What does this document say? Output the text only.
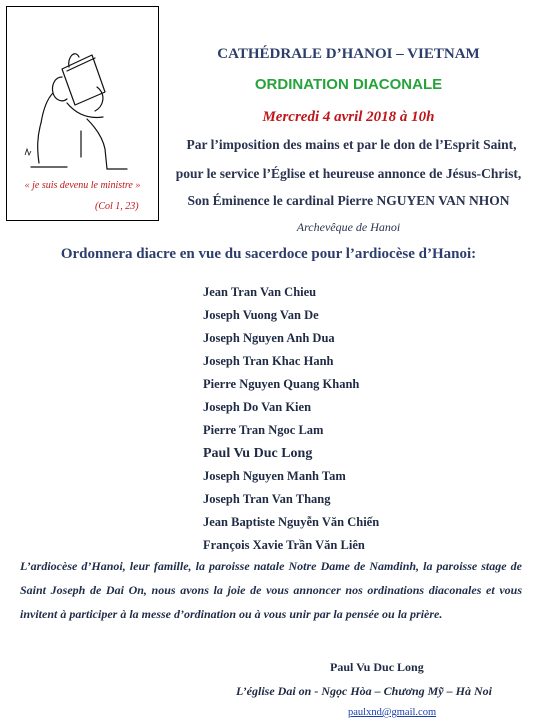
« je suis devenu le ministre »
(Col 1, 23)
CATHÉDRALE D’HANOI – VIETNAM
ORDINATION DIACONALE
Mercredi 4 avril 2018 à 10h
Par l’imposition des mains et par le don de l’Esprit Saint,
pour le service l’Église et heureuse annonce de Jésus-Christ,
Son Éminence le cardinal Pierre NGUYEN VAN NHON
Archevêque de Hanoi
Ordonnera diacre en vue du sacerdoce pour l’ardiocèse d’Hanoi:
Jean Tran Van Chieu
Joseph Vuong Van De
Joseph Nguyen Anh Dua
Joseph Tran Khac Hanh
Pierre Nguyen Quang Khanh
Joseph Do Van Kien
Pierre Tran Ngoc Lam
Paul Vu Duc Long
Joseph Nguyen Manh Tam
Joseph Tran Van Thang
Jean Baptiste Nguyễn Văn Chiến
François Xavie Trần Văn Liên

L’ardiocèse d’Hanoi, leur famille, la paroisse natale Notre Dame de Namdinh, la paroisse stage de Saint Joseph de Dai On, nous avons la joie de vous annoncer nos ordinations diaconales et vous invitent à participer à la messe d’ordination ou à vous unir par la pensée ou la prière.

Paul Vu Duc Long
L’église Dai on - Ngọc Hòa – Chương Mỹ – Hà Noi
paulxnd@gmail.com
